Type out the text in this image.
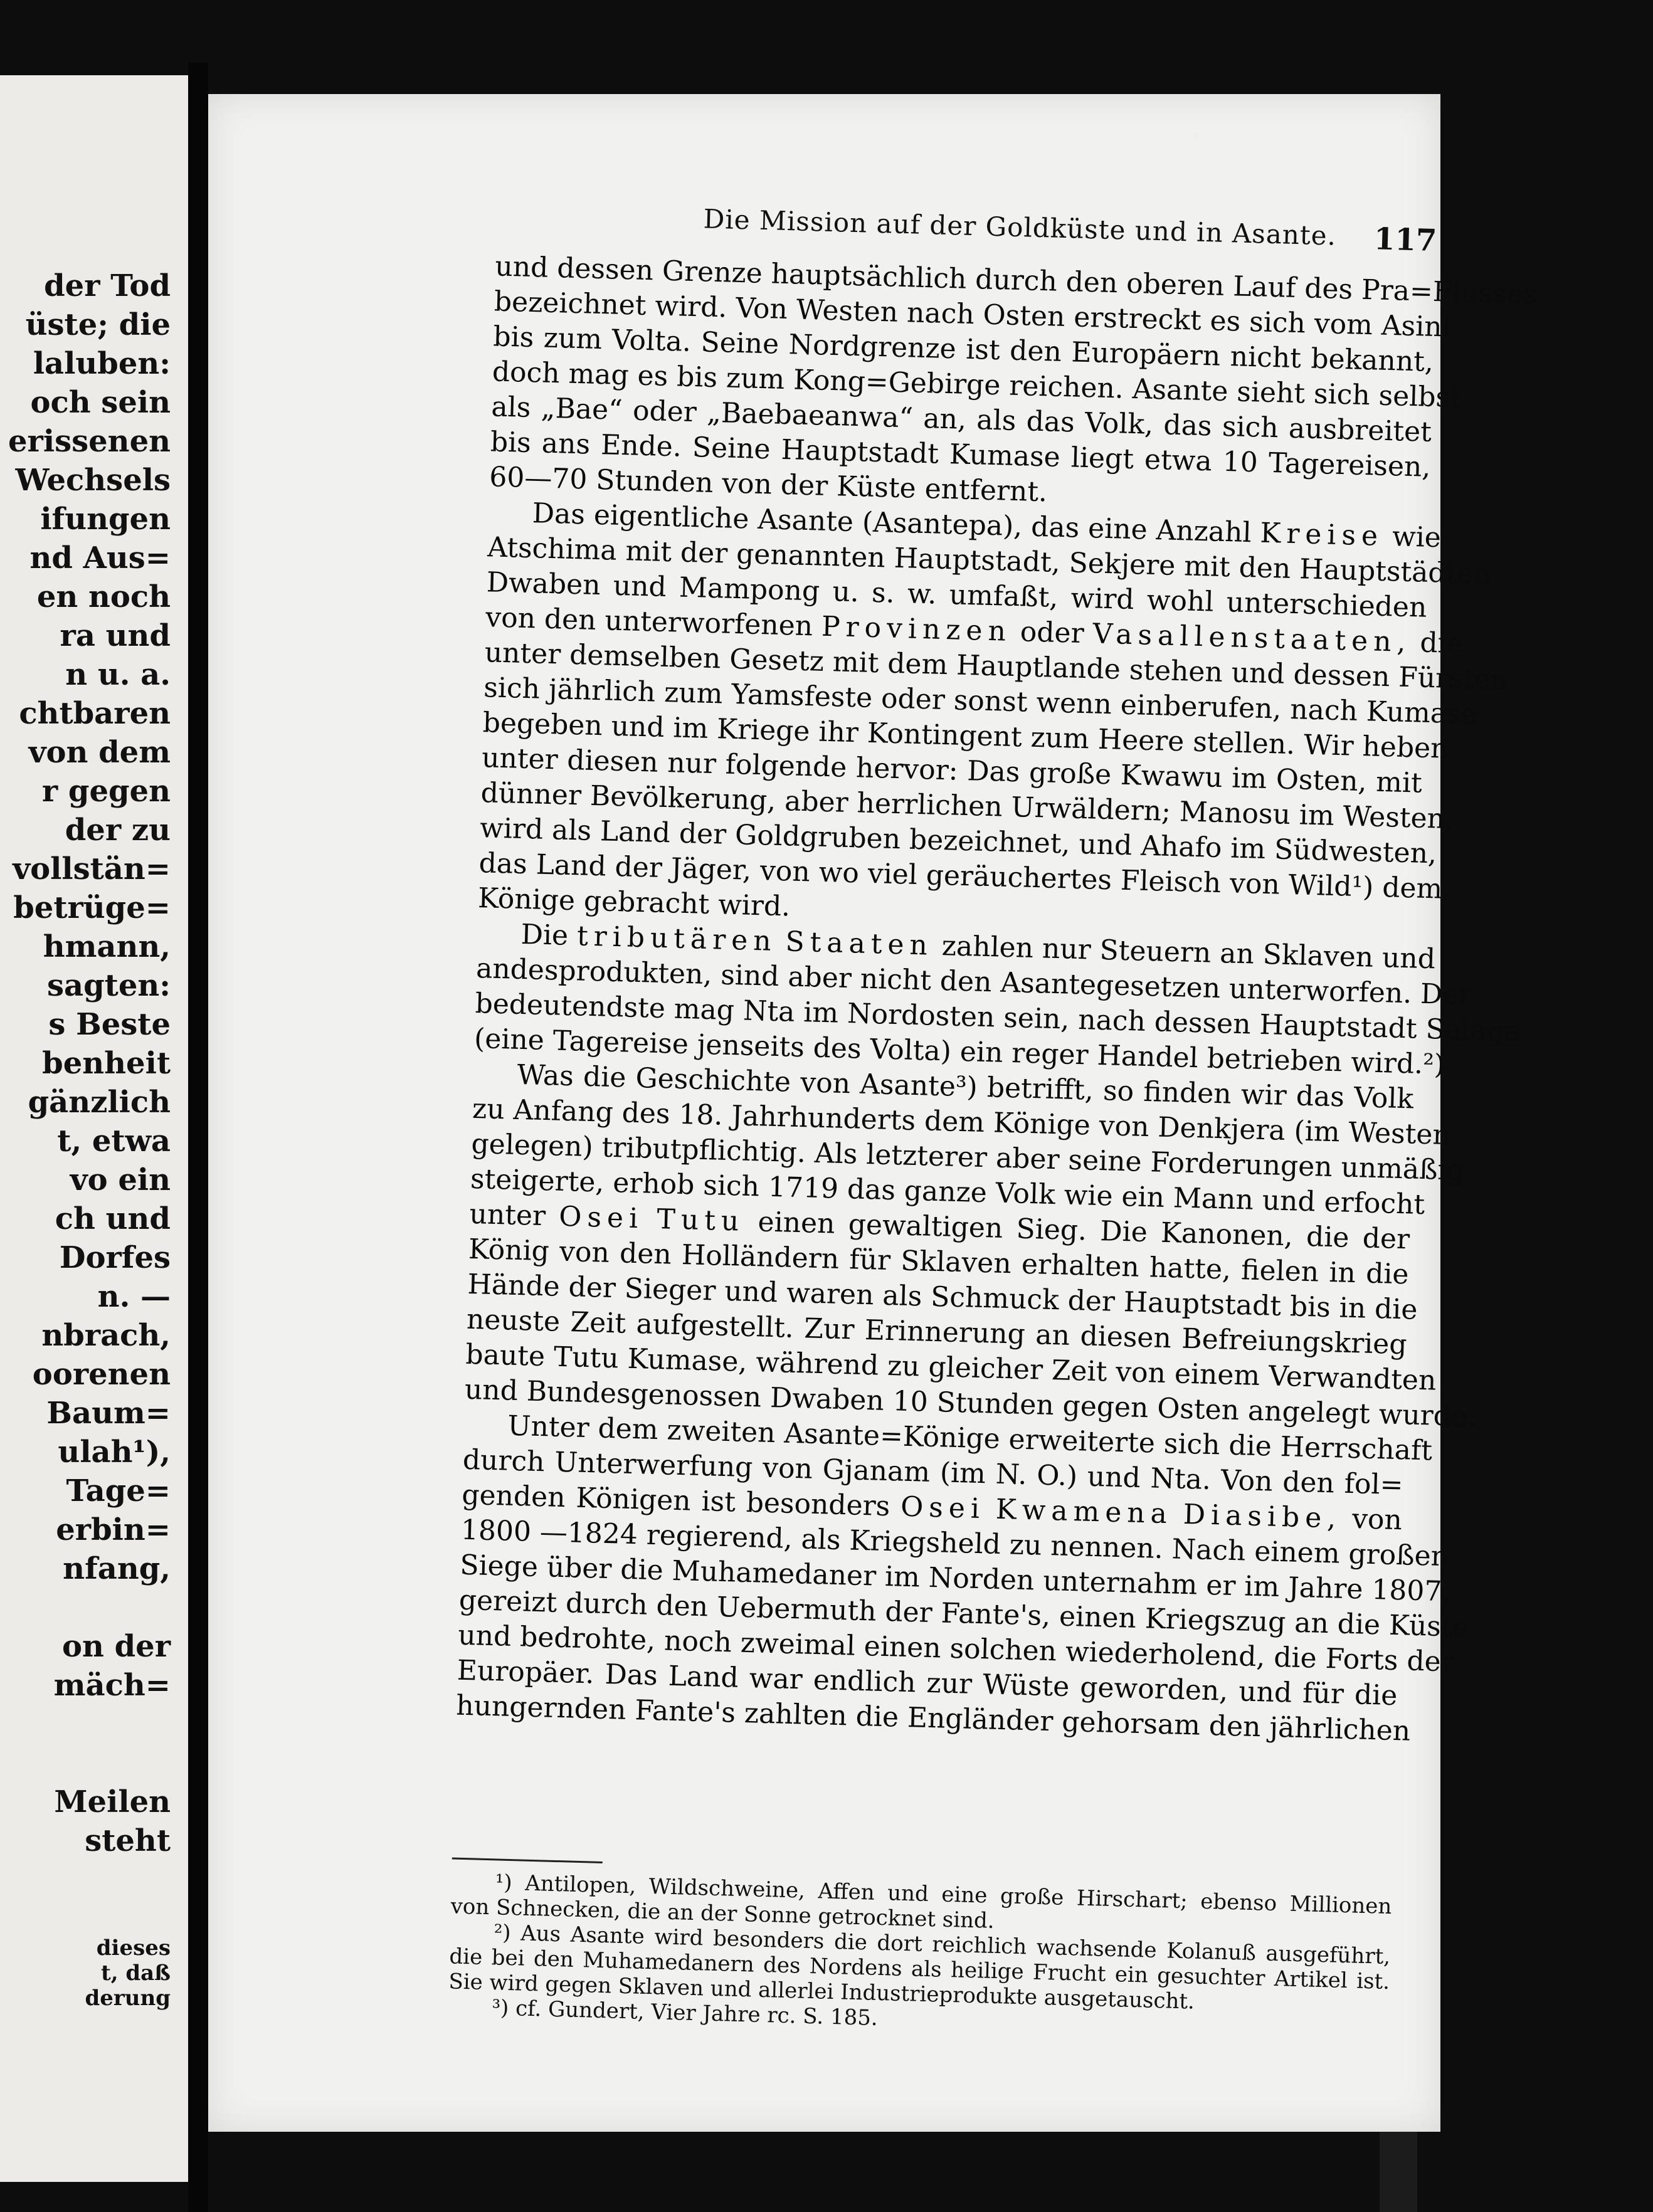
der Tod
üste; die
laluben:
och sein
erissenen
Wechsels
ifungen
nd Aus=
en noch
ra und
n u. a.
chtbaren
von dem
r gegen
der zu
vollstän=
betrüge=
hmann,
sagten:
s Beste
benheit
gänzlich
t, etwa
vo ein
ch und
Dorfes
n. —
nbrach,
oorenen
Baum=
ulah¹),
Tage=
erbin=
nfang,

on der
mäch=

Meilen
steht
dieses
t, daß
derung
Die Mission auf der Goldküste und in Asante. 117
und dessen Grenze hauptsächlich durch den oberen Lauf des Pra=Flusses
bezeichnet wird. Von Westen nach Osten erstreckt es sich vom Asini
bis zum Volta. Seine Nordgrenze ist den Europäern nicht bekannt,
doch mag es bis zum Kong=Gebirge reichen. Asante sieht sich selbst
als „Bae“ oder „Baebaeanwa“ an, als das Volk, das sich ausbreitet
bis ans Ende. Seine Hauptstadt Kumase liegt etwa 10 Tagereisen,
60—70 Stunden von der Küste entfernt.
Das eigentliche Asante (Asantepa), das eine Anzahl Kreise wie
Atschima mit der genannten Hauptstadt, Sekjere mit den Hauptstädten
Dwaben und Mampong u. s. w. umfaßt, wird wohl unterschieden
von den unterworfenen Provinzen oder Vasallenstaaten, die
unter demselben Gesetz mit dem Hauptlande stehen und dessen Fürsten
sich jährlich zum Yamsfeste oder sonst wenn einberufen, nach Kumase
begeben und im Kriege ihr Kontingent zum Heere stellen. Wir heben
unter diesen nur folgende hervor: Das große Kwawu im Osten, mit
dünner Bevölkerung, aber herrlichen Urwäldern; Manosu im Westen,
wird als Land der Goldgruben bezeichnet, und Ahafo im Südwesten,
das Land der Jäger, von wo viel geräuchertes Fleisch von Wild¹) dem
Könige gebracht wird.
Die tributären Staaten zahlen nur Steuern an Sklaven und
andesprodukten, sind aber nicht den Asantegesetzen unterworfen. Der
bedeutendste mag Nta im Nordosten sein, nach dessen Hauptstadt Salaga
(eine Tagereise jenseits des Volta) ein reger Handel betrieben wird.²)
Was die Geschichte von Asante³) betrifft, so finden wir das Volk
zu Anfang des 18. Jahrhunderts dem Könige von Denkjera (im Westen
gelegen) tributpflichtig. Als letzterer aber seine Forderungen unmäßig
steigerte, erhob sich 1719 das ganze Volk wie ein Mann und erfocht
unter Osei Tutu einen gewaltigen Sieg. Die Kanonen, die der
König von den Holländern für Sklaven erhalten hatte, fielen in die
Hände der Sieger und waren als Schmuck der Hauptstadt bis in die
neuste Zeit aufgestellt. Zur Erinnerung an diesen Befreiungskrieg
baute Tutu Kumase, während zu gleicher Zeit von einem Verwandten
und Bundesgenossen Dwaben 10 Stunden gegen Osten angelegt wurde.
Unter dem zweiten Asante=Könige erweiterte sich die Herrschaft
durch Unterwerfung von Gjanam (im N. O.) und Nta. Von den fol=
genden Königen ist besonders Osei Kwamena Diasibe, von
1800 —1824 regierend, als Kriegsheld zu nennen. Nach einem großen
Siege über die Muhamedaner im Norden unternahm er im Jahre 1807,
gereizt durch den Uebermuth der Fante's, einen Kriegszug an die Küste
und bedrohte, noch zweimal einen solchen wiederholend, die Forts der
Europäer. Das Land war endlich zur Wüste geworden, und für die
hungernden Fante's zahlten die Engländer gehorsam den jährlichen
¹) Antilopen, Wildschweine, Affen und eine große Hirschart; ebenso Millionen
von Schnecken, die an der Sonne getrocknet sind.
²) Aus Asante wird besonders die dort reichlich wachsende Kolanuß ausgeführt,
die bei den Muhamedanern des Nordens als heilige Frucht ein gesuchter Artikel ist.
Sie wird gegen Sklaven und allerlei Industrieprodukte ausgetauscht.
³) cf. Gundert, Vier Jahre rc. S. 185.
